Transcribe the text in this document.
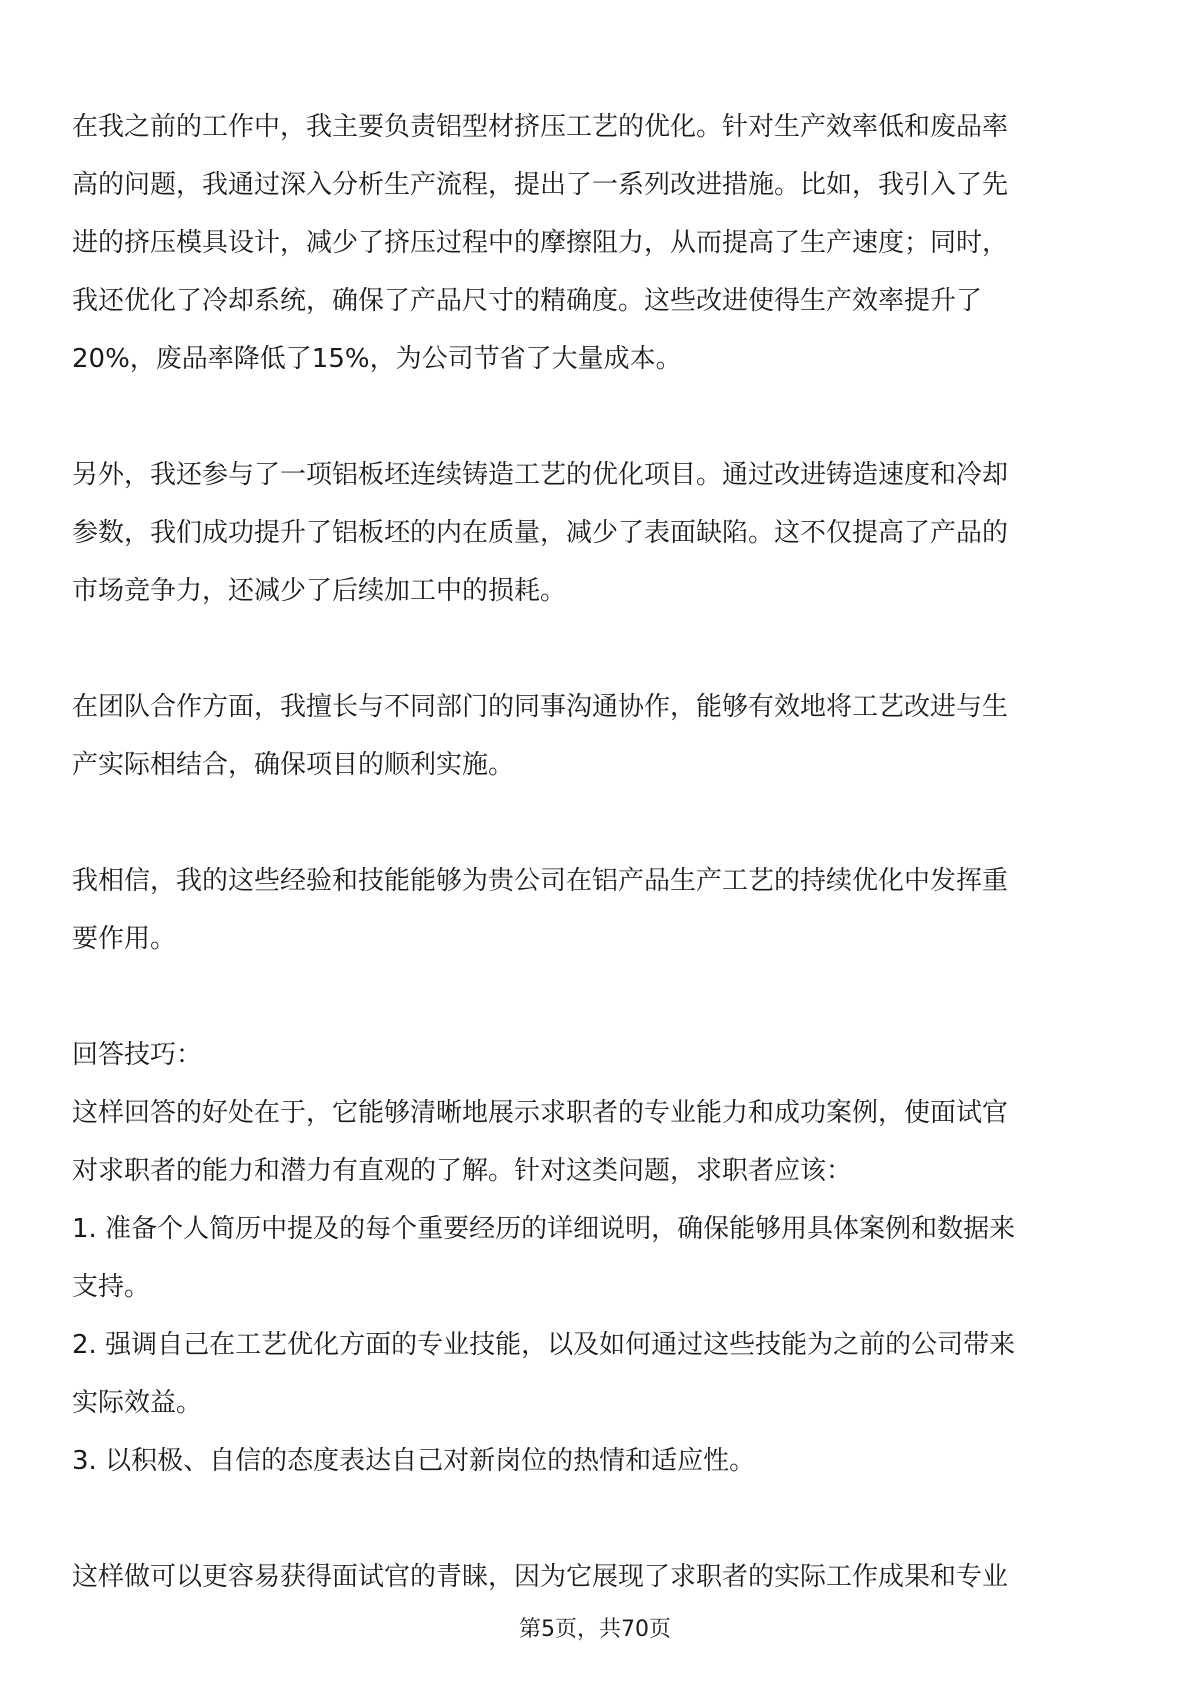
在我之前的工作中，我主要负责铝型材挤压工艺的优化。针对生产效率低和废品率
高的问题，我通过深入分析生产流程，提出了一系列改进措施。比如，我引入了先
进的挤压模具设计，减少了挤压过程中的摩擦阻力，从而提高了生产速度；同时，
我还优化了冷却系统，确保了产品尺寸的精确度。这些改进使得生产效率提升了
20%，废品率降低了15%，为公司节省了大量成本。
另外，我还参与了一项铝板坯连续铸造工艺的优化项目。通过改进铸造速度和冷却
参数，我们成功提升了铝板坯的内在质量，减少了表面缺陷。这不仅提高了产品的
市场竞争力，还减少了后续加工中的损耗。
在团队合作方面，我擅长与不同部门的同事沟通协作，能够有效地将工艺改进与生
产实际相结合，确保项目的顺利实施。
我相信，我的这些经验和技能能够为贵公司在铝产品生产工艺的持续优化中发挥重
要作用。
回答技巧：
这样回答的好处在于，它能够清晰地展示求职者的专业能力和成功案例，使面试官
对求职者的能力和潜力有直观的了解。针对这类问题，求职者应该：
1. 准备个人简历中提及的每个重要经历的详细说明，确保能够用具体案例和数据来
支持。
2. 强调自己在工艺优化方面的专业技能，以及如何通过这些技能为之前的公司带来
实际效益。
3. 以积极、自信的态度表达自己对新岗位的热情和适应性。
这样做可以更容易获得面试官的青睐，因为它展现了求职者的实际工作成果和专业
第5页，共70页
